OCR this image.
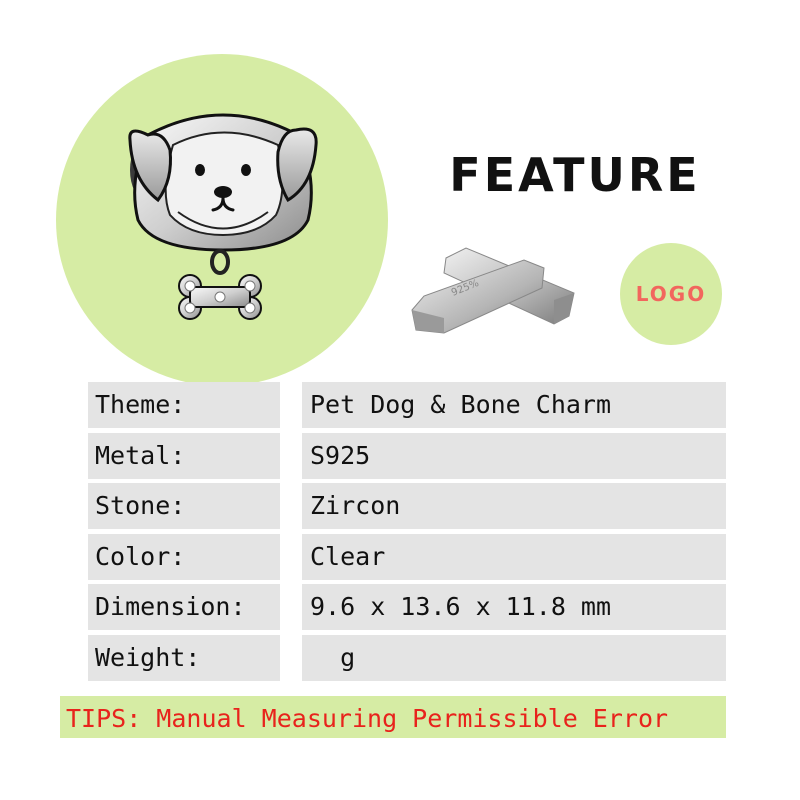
FEATURE
925%	LOGO
Theme:	Pet Dog & Bone Charm
Metal:	S925
Stone:	Zircon
Color:	Clear
Dimension:	9.6 x 13.6 x 11.8 mm
Weight:	g
TIPS: Manual Measuring Permissible Error
